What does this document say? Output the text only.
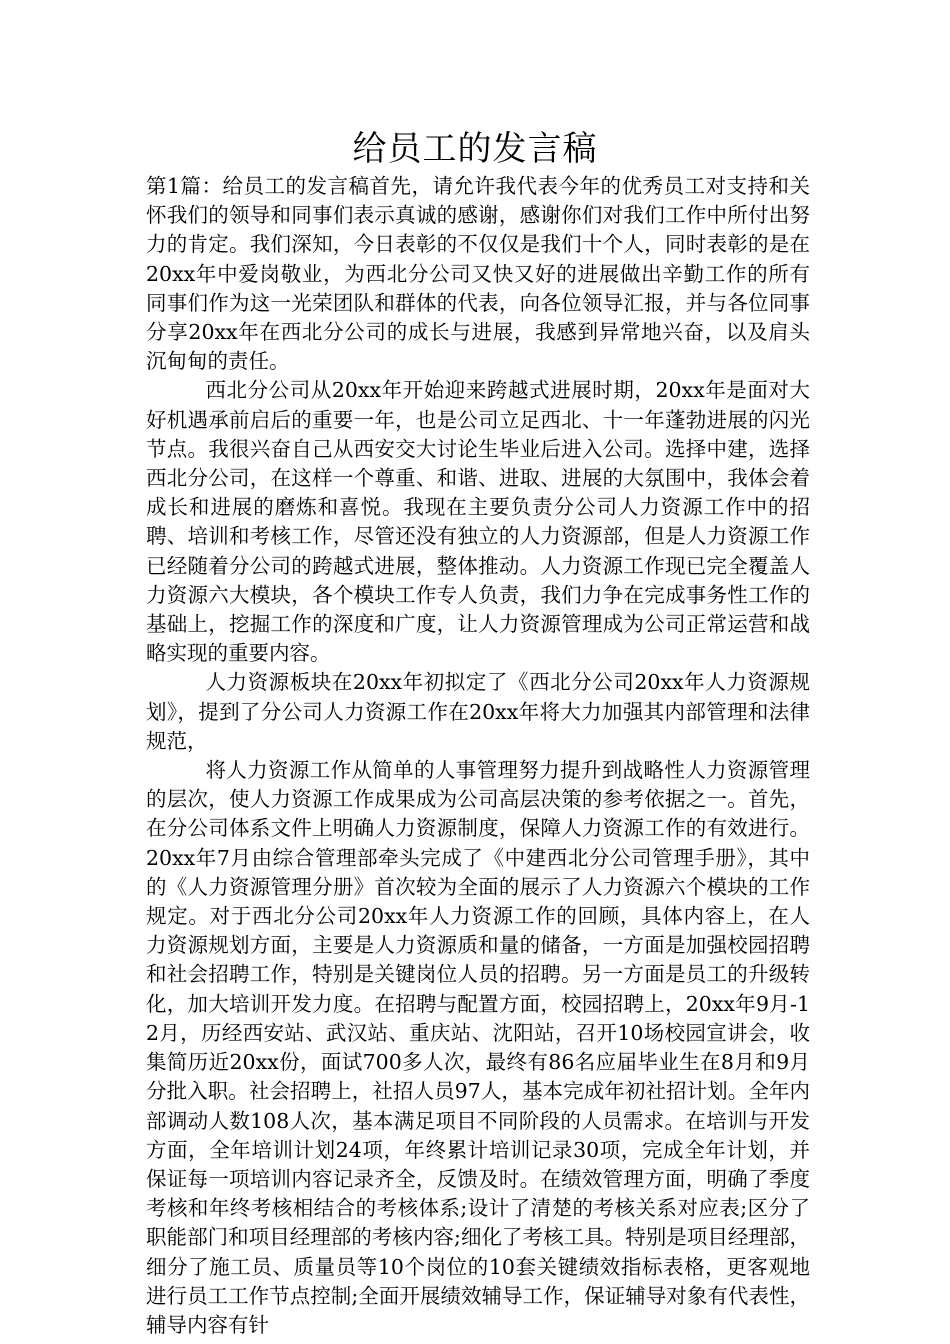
给员工的发言稿

第1篇：给员工的发言稿首先，请允许我代表今年的优秀员工对支持和关怀我们的领导和同事们表示真诚的感谢，感谢你们对我们工作中所付出努力的肯定。我们深知，今日表彰的不仅仅是我们十个人，同时表彰的是在20xx年中爱岗敬业，为西北分公司又快又好的进展做出辛勤工作的所有同事们作为这一光荣团队和群体的代表，向各位领导汇报，并与各位同事分享20xx年在西北分公司的成长与进展，我感到异常地兴奋，以及肩头沉甸甸的责任。

西北分公司从20xx年开始迎来跨越式进展时期，20xx年是面对大好机遇承前启后的重要一年，也是公司立足西北、十一年蓬勃进展的闪光节点。我很兴奋自己从西安交大讨论生毕业后进入公司。选择中建，选择西北分公司，在这样一个尊重、和谐、进取、进展的大氛围中，我体会着成长和进展的磨炼和喜悦。我现在主要负责分公司人力资源工作中的招聘、培训和考核工作，尽管还没有独立的人力资源部，但是人力资源工作已经随着分公司的跨越式进展，整体推动。人力资源工作现已完全覆盖人力资源六大模块，各个模块工作专人负责，我们力争在完成事务性工作的基础上，挖掘工作的深度和广度，让人力资源管理成为公司正常运营和战略实现的重要内容。

人力资源板块在20xx年初拟定了《西北分公司20xx年人力资源规划》，提到了分公司人力资源工作在20xx年将大力加强其内部管理和法律规范，

将人力资源工作从简单的人事管理努力提升到战略性人力资源管理的层次，使人力资源工作成果成为公司高层决策的参考依据之一。首先，在分公司体系文件上明确人力资源制度，保障人力资源工作的有效进行。20xx年7月由综合管理部牵头完成了《中建西北分公司管理手册》，其中的《人力资源管理分册》首次较为全面的展示了人力资源六个模块的工作规定。对于西北分公司20xx年人力资源工作的回顾，具体内容上，在人力资源规划方面，主要是人力资源质和量的储备，一方面是加强校园招聘和社会招聘工作，特别是关键岗位人员的招聘。另一方面是员工的升级转化，加大培训开发力度。在招聘与配置方面，校园招聘上，20xx年9月-12月，历经西安站、武汉站、重庆站、沈阳站，召开10场校园宣讲会，收集简历近20xx份，面试700多人次，最终有86名应届毕业生在8月和9月分批入职。社会招聘上，社招人员97人，基本完成年初社招计划。全年内部调动人数108人次，基本满足项目不同阶段的人员需求。在培训与开发方面，全年培训计划24项，年终累计培训记录30项，完成全年计划，并保证每一项培训内容记录齐全，反馈及时。在绩效管理方面，明确了季度考核和年终考核相结合的考核体系;设计了清楚的考核关系对应表;区分了职能部门和项目经理部的考核内容;细化了考核工具。特别是项目经理部，细分了施工员、质量员等10个岗位的10套关键绩效指标表格，更客观地进行员工工作节点控制;全面开展绩效辅导工作，保证辅导对象有代表性，辅导内容有针
